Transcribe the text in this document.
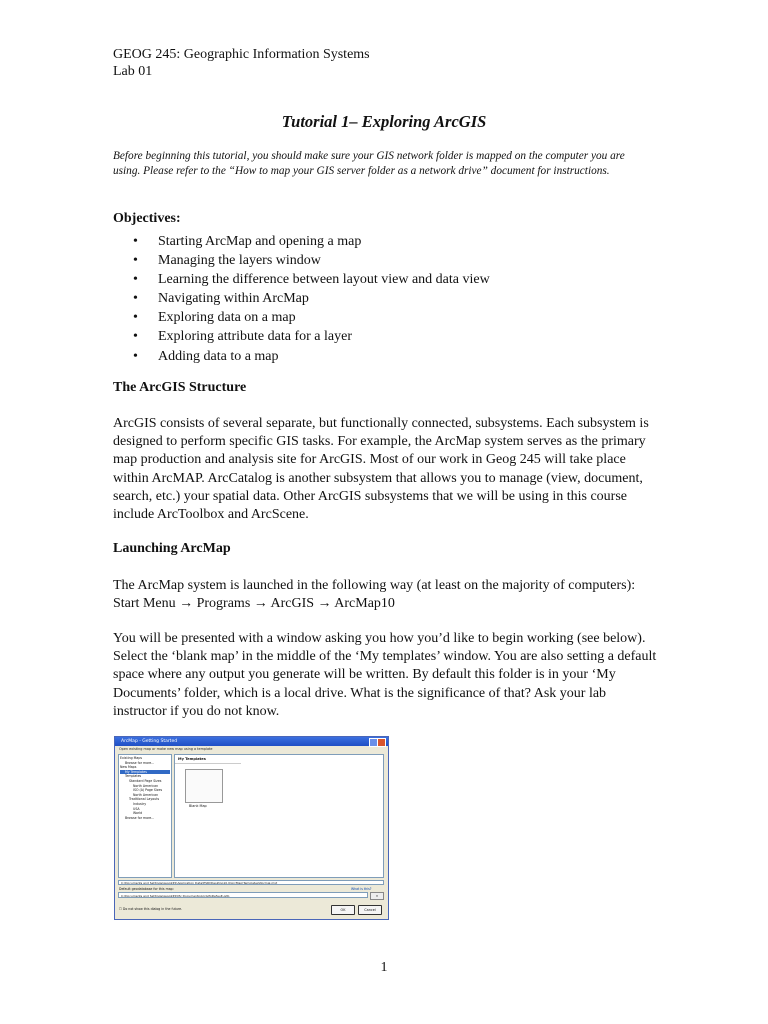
GEOG 245: Geographic Information Systems
Lab 01
Tutorial 1– Exploring ArcGIS
Before beginning this tutorial, you should make sure your GIS network folder is mapped on the computer you are using. Please refer to the “How to map your GIS server folder as a network drive” document for instructions.
Objectives:
• Starting ArcMap and opening a map
• Managing the layers window
• Learning the difference between layout view and data view
• Navigating within ArcMap
• Exploring data on a map
• Exploring attribute data for a layer
• Adding data to a map
The ArcGIS Structure

ArcGIS consists of several separate, but functionally connected, subsystems. Each subsystem is designed to perform specific GIS tasks. For example, the ArcMap system serves as the primary map production and analysis site for ArcGIS. Most of our work in Geog 245 will take place within ArcMAP. ArcCatalog is another subsystem that allows you to manage (view, document, search, etc.) your spatial data. Other ArcGIS subsystems that we will be using in this course include ArcToolbox and ArcScene.

Launching ArcMap

The ArcMap system is launched in the following way (at least on the majority of computers): Start Menu → Programs → ArcGIS → ArcMap10

You will be presented with a window asking you how you’d like to begin working (see below). Select the ‘blank map’ in the middle of the ‘My templates’ window. You are also setting a default space where any output you generate will be written. By default this folder is in your ‘My Documents’ folder, which is a local drive. What is the significance of that? Ask your lab instructor if you do not know.

ArcMap - Getting Started
Open existing map or make new map using a template
Existing Maps
Browse for more...
New Maps
My Templates
Templates
Standard Page Sizes
North American
ISO (A) Page Sizes
North American
Traditional Layouts
Industry
USA
World
Browse for more...
My Templates
Blank Map
C:\Documents and Settings\geog245\Application Data\ESRI\Desktop10.0\ArcMap\Templates\Normal.mxt
Default geodatabase for this map:	What is this?
C:\Documents and Settings\geog245\My Documents\ArcGIS\Default.gdb	▾
☐ Do not show this dialog in the future.	OK	Cancel
1
